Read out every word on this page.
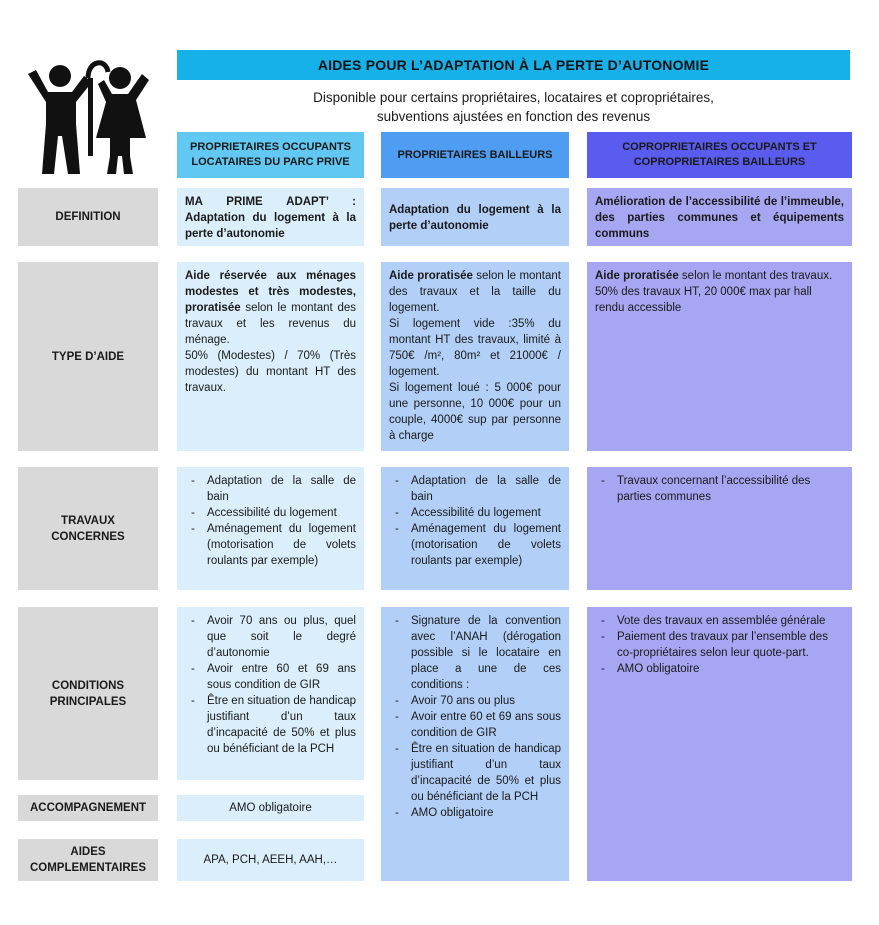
AIDES POUR L’ADAPTATION À LA PERTE D’AUTONOMIE
Disponible pour certains propriétaires, locataires et copropriétaires,
subventions ajustées en fonction des revenus
PROPRIETAIRES OCCUPANTS
LOCATAIRES DU PARC PRIVE
PROPRIETAIRES BAILLEURS
COPROPRIETAIRES OCCUPANTS ET
COPROPRIETAIRES BAILLEURS
DEFINITION
TYPE D’AIDE
TRAVAUX
CONCERNES
CONDITIONS
PRINCIPALES
ACCOMPAGNEMENT
AIDES
COMPLEMENTAIRES
MA PRIME ADAPT’ : Adaptation du logement à la perte d’autonomie

Aide réservée aux ménages modestes et très modestes, proratisée selon le montant des travaux et les revenus du ménage.

50% (Modestes) / 70% (Très modestes) du montant HT des travaux.

- Adaptation de la salle de bain
- Accessibilité du logement
- Aménagement du logement (motorisation de volets roulants par exemple)
- Avoir 70 ans ou plus, quel que soit le degré d’autonomie
- Avoir entre 60 et 69 ans sous condition de GIR
- Être en situation de handicap justifiant d’un taux d’incapacité de 50% et plus ou bénéficiant de la PCH
AMO obligatoire
APA, PCH, AEEH, AAH,…
Adaptation du logement à la perte d’autonomie

Aide proratisée selon le montant des travaux et la taille du logement.

Si logement vide :35% du montant HT des travaux, limité à 750€ /m², 80m² et 21000€ / logement.

Si logement loué : 5 000€ pour une personne, 10 000€ pour un couple, 4000€ sup par personne à charge

- Adaptation de la salle de bain
- Accessibilité du logement
- Aménagement du logement (motorisation de volets roulants par exemple)
- Signature de la convention avec l’ANAH (dérogation possible si le locataire en place a une de ces conditions :
- Avoir 70 ans ou plus
- Avoir entre 60 et 69 ans sous condition de GIR
- Être en situation de handicap justifiant d’un taux d’incapacité de 50% et plus ou bénéficiant de la PCH
- AMO obligatoire
Amélioration de l’accessibilité de l’immeuble, des parties communes et équipements communs

Aide proratisée selon le montant des travaux.

50% des travaux HT, 20 000€ max par hall rendu accessible

- Travaux concernant l’accessibilité des parties communes
- Vote des travaux en assemblée générale
- Paiement des travaux par l’ensemble des co-propriétaires selon leur quote-part.
- AMO obligatoire
